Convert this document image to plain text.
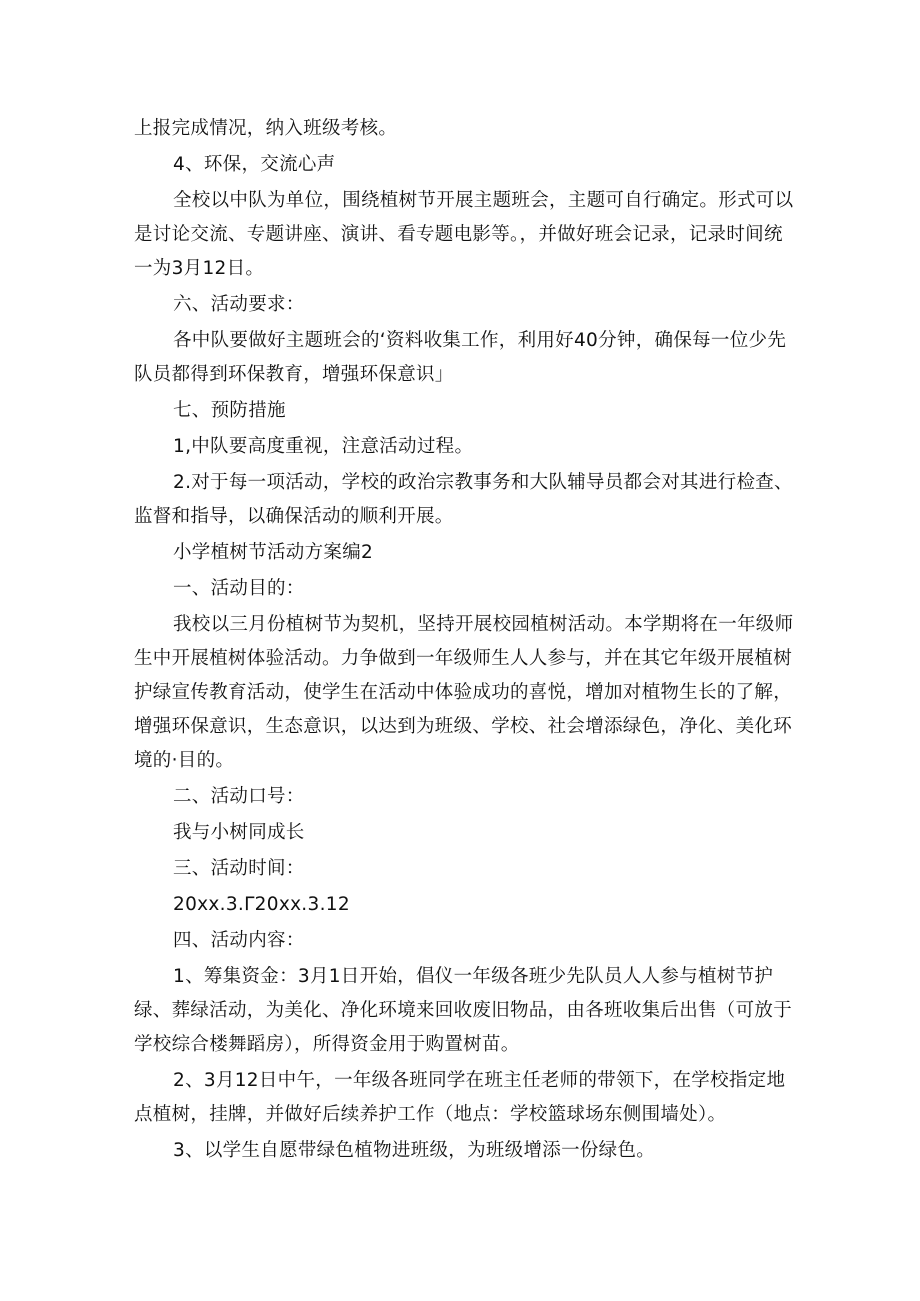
上报完成情况，纳入班级考核。

4、环保，交流心声

全校以中队为单位，围绕植树节开展主题班会，主题可自行确定。形式可以是讨论交流、专题讲座、演讲、看专题电影等。，并做好班会记录，记录时间统一为3月12日。

六、活动要求：

各中队要做好主题班会的‘资料收集工作，利用好40分钟，确保每一位少先队员都得到环保教育，增强环保意识」

七、预防措施

1,中队要高度重视，注意活动过程。

2.对于每一项活动，学校的政治宗教事务和大队辅导员都会对其进行检查、监督和指导，以确保活动的顺利开展。

小学植树节活动方案编2

一、活动目的：

我校以三月份植树节为契机，坚持开展校园植树活动。本学期将在一年级师生中开展植树体验活动。力争做到一年级师生人人参与，并在其它年级开展植树护绿宣传教育活动，使学生在活动中体验成功的喜悦，增加对植物生长的了解，增强环保意识，生态意识，以达到为班级、学校、社会增添绿色，净化、美化环境的·目的。

二、活动口号：

我与小树同成长

三、活动时间：

20xx.3.Γ20xx.3.12

四、活动内容：

1、筹集资金：3月1日开始，倡仪一年级各班少先队员人人参与植树节护绿、葬绿活动，为美化、净化环境来回收废旧物品，由各班收集后出售（可放于学校综合楼舞蹈房），所得资金用于购置树苗。

2、3月12日中午，一年级各班同学在班主任老师的带领下，在学校指定地点植树，挂牌，并做好后续养护工作（地点：学校篮球场东侧围墙处）。

3、以学生自愿带绿色植物进班级，为班级增添一份绿色。
